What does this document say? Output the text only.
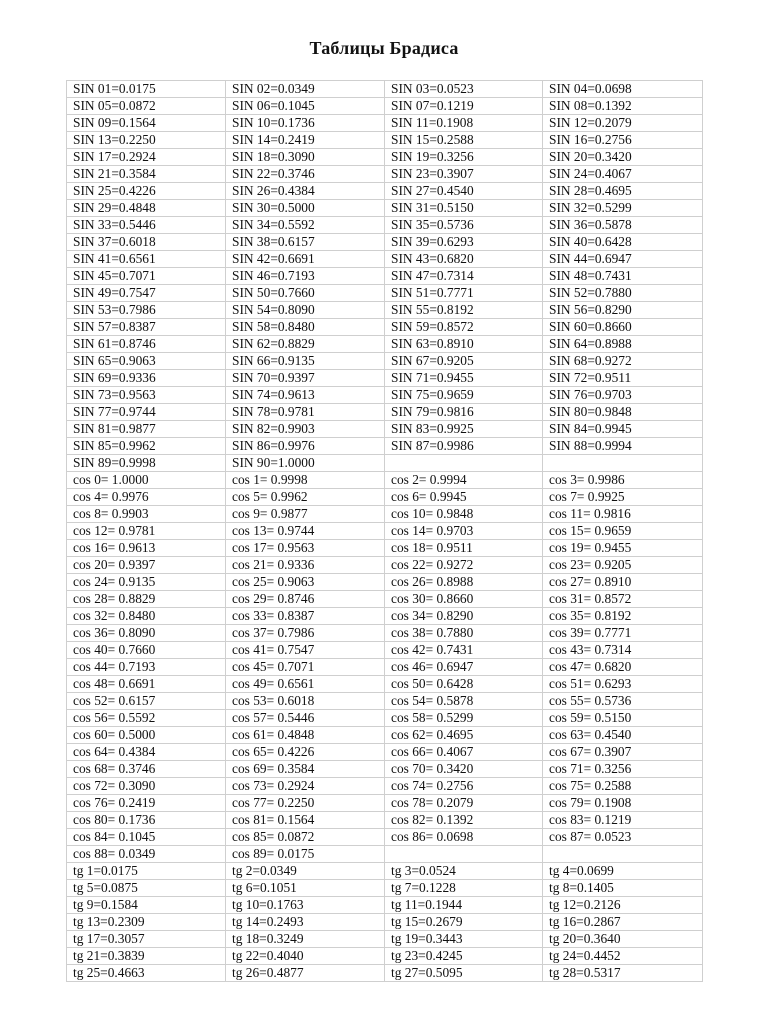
Таблицы Брадиса
SIN 01=0.0175	SIN 02=0.0349	SIN 03=0.0523	SIN 04=0.0698
SIN 05=0.0872	SIN 06=0.1045	SIN 07=0.1219	SIN 08=0.1392
SIN 09=0.1564	SIN 10=0.1736	SIN 11=0.1908	SIN 12=0.2079
SIN 13=0.2250	SIN 14=0.2419	SIN 15=0.2588	SIN 16=0.2756
SIN 17=0.2924	SIN 18=0.3090	SIN 19=0.3256	SIN 20=0.3420
SIN 21=0.3584	SIN 22=0.3746	SIN 23=0.3907	SIN 24=0.4067
SIN 25=0.4226	SIN 26=0.4384	SIN 27=0.4540	SIN 28=0.4695
SIN 29=0.4848	SIN 30=0.5000	SIN 31=0.5150	SIN 32=0.5299
SIN 33=0.5446	SIN 34=0.5592	SIN 35=0.5736	SIN 36=0.5878
SIN 37=0.6018	SIN 38=0.6157	SIN 39=0.6293	SIN 40=0.6428
SIN 41=0.6561	SIN 42=0.6691	SIN 43=0.6820	SIN 44=0.6947
SIN 45=0.7071	SIN 46=0.7193	SIN 47=0.7314	SIN 48=0.7431
SIN 49=0.7547	SIN 50=0.7660	SIN 51=0.7771	SIN 52=0.7880
SIN 53=0.7986	SIN 54=0.8090	SIN 55=0.8192	SIN 56=0.8290
SIN 57=0.8387	SIN 58=0.8480	SIN 59=0.8572	SIN 60=0.8660
SIN 61=0.8746	SIN 62=0.8829	SIN 63=0.8910	SIN 64=0.8988
SIN 65=0.9063	SIN 66=0.9135	SIN 67=0.9205	SIN 68=0.9272
SIN 69=0.9336	SIN 70=0.9397	SIN 71=0.9455	SIN 72=0.9511
SIN 73=0.9563	SIN 74=0.9613	SIN 75=0.9659	SIN 76=0.9703
SIN 77=0.9744	SIN 78=0.9781	SIN 79=0.9816	SIN 80=0.9848
SIN 81=0.9877	SIN 82=0.9903	SIN 83=0.9925	SIN 84=0.9945
SIN 85=0.9962	SIN 86=0.9976	SIN 87=0.9986	SIN 88=0.9994
SIN 89=0.9998	SIN 90=1.0000		
cos 0= 1.0000	cos 1= 0.9998	cos 2= 0.9994	cos 3= 0.9986
cos 4= 0.9976	cos 5= 0.9962	cos 6= 0.9945	cos 7= 0.9925
cos 8= 0.9903	cos 9= 0.9877	cos 10= 0.9848	cos 11= 0.9816
cos 12= 0.9781	cos 13= 0.9744	cos 14= 0.9703	cos 15= 0.9659
cos 16= 0.9613	cos 17= 0.9563	cos 18= 0.9511	cos 19= 0.9455
cos 20= 0.9397	cos 21= 0.9336	cos 22= 0.9272	cos 23= 0.9205
cos 24= 0.9135	cos 25= 0.9063	cos 26= 0.8988	cos 27= 0.8910
cos 28= 0.8829	cos 29= 0.8746	cos 30= 0.8660	cos 31= 0.8572
cos 32= 0.8480	cos 33= 0.8387	cos 34= 0.8290	cos 35= 0.8192
cos 36= 0.8090	cos 37= 0.7986	cos 38= 0.7880	cos 39= 0.7771
cos 40= 0.7660	cos 41= 0.7547	cos 42= 0.7431	cos 43= 0.7314
cos 44= 0.7193	cos 45= 0.7071	cos 46= 0.6947	cos 47= 0.6820
cos 48= 0.6691	cos 49= 0.6561	cos 50= 0.6428	cos 51= 0.6293
cos 52= 0.6157	cos 53= 0.6018	cos 54= 0.5878	cos 55= 0.5736
cos 56= 0.5592	cos 57= 0.5446	cos 58= 0.5299	cos 59= 0.5150
cos 60= 0.5000	cos 61= 0.4848	cos 62= 0.4695	cos 63= 0.4540
cos 64= 0.4384	cos 65= 0.4226	cos 66= 0.4067	cos 67= 0.3907
cos 68= 0.3746	cos 69= 0.3584	cos 70= 0.3420	cos 71= 0.3256
cos 72= 0.3090	cos 73= 0.2924	cos 74= 0.2756	cos 75= 0.2588
cos 76= 0.2419	cos 77= 0.2250	cos 78= 0.2079	cos 79= 0.1908
cos 80= 0.1736	cos 81= 0.1564	cos 82= 0.1392	cos 83= 0.1219
cos 84= 0.1045	cos 85= 0.0872	cos 86= 0.0698	cos 87= 0.0523
cos 88= 0.0349	cos 89= 0.0175		
tg 1=0.0175	tg 2=0.0349	tg 3=0.0524	tg 4=0.0699
tg 5=0.0875	tg 6=0.1051	tg 7=0.1228	tg 8=0.1405
tg 9=0.1584	tg 10=0.1763	tg 11=0.1944	tg 12=0.2126
tg 13=0.2309	tg 14=0.2493	tg 15=0.2679	tg 16=0.2867
tg 17=0.3057	tg 18=0.3249	tg 19=0.3443	tg 20=0.3640
tg 21=0.3839	tg 22=0.4040	tg 23=0.4245	tg 24=0.4452
tg 25=0.4663	tg 26=0.4877	tg 27=0.5095	tg 28=0.5317
